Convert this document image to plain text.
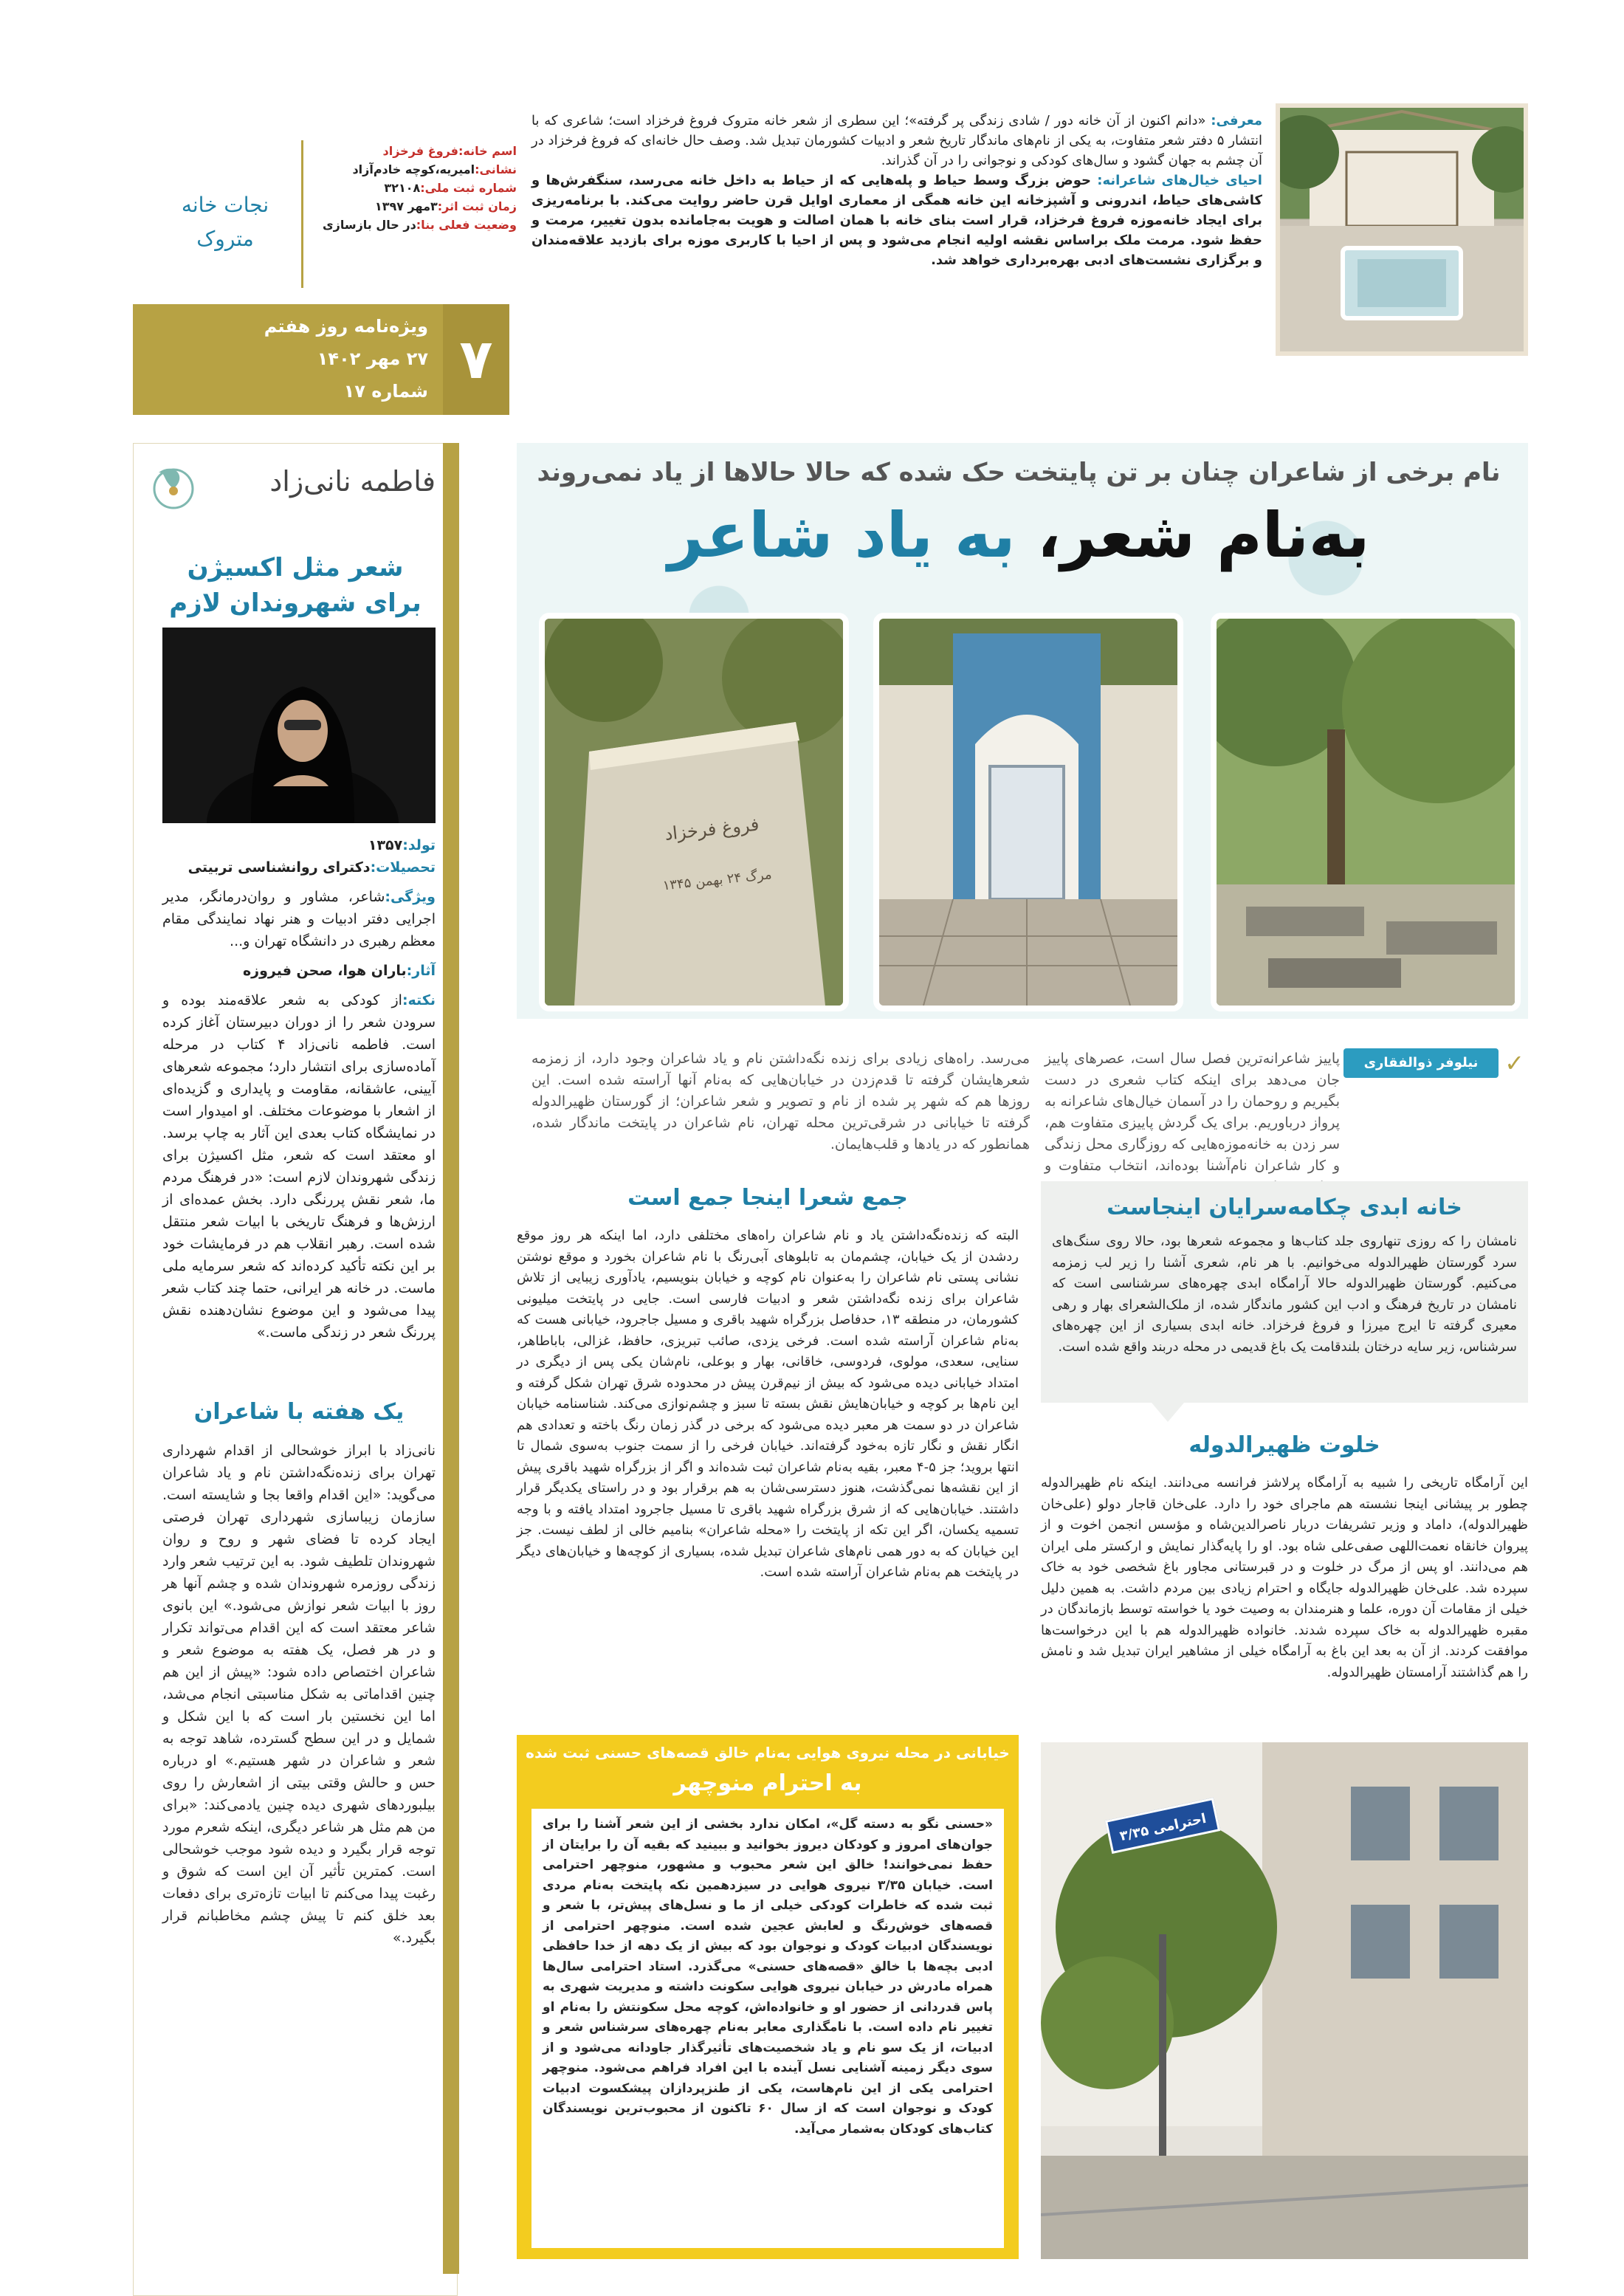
معرفی: «دانم اکنون از آن خانه دور / شادی زندگی پر گرفته»؛ این سطری از شعر خانه متروک فروغ فرخزاد است؛ شاعری که با انتشار ۵ دفتر شعر متفاوت، به یکی از نام‌های ماندگار تاریخ شعر و ادبیات کشورمان تبدیل شد. وصف حال خانه‌ای که فروغ فرخزاد در آن چشم به جهان گشود و سال‌های کودکی و نوجوانی را در آن گذراند.

احیای خیال‌های شاعرانه: حوض بزرگ وسط حیاط و پله‌هایی که از حیاط به داخل خانه می‌رسد، سنگفرش‌ها و کاشی‌های حیاط، اندرونی و آشپزخانه این خانه همگی از معماری اوایل قرن حاضر روایت می‌کند. با برنامه‌ریزی برای ایجاد خانه‌موزه فروغ فرخزاد، قرار است بنای خانه با همان اصالت و هویت به‌جامانده بدون تغییر، مرمت و حفظ شود. مرمت ملک براساس نقشه اولیه انجام می‌شود و پس از احیا با کاربری موزه برای بازدید علاقه‌مندان و برگزاری نشست‌های ادبی بهره‌برداری خواهد شد.

اسم خانه:فروغ فرخزاد
نشانی:امیریه،کوچه خادم‌آزاد
شماره ثبت ملی:۳۲۱۰۸
زمان ثبت اثر:۳مهر ۱۳۹۷
وضعیت فعلی بنا:در حال بازسازی
نجات خانه
متروک
۷
ویژه‌نامه روز هفتم
۲۷ مهر ۱۴۰۲
شماره ۱۷
فاطمه نانی‌زاد
شعر مثل اکسیژن برای شهروندان لازم
تولد:۱۳۵۷
تحصیلات:دکترای روانشناسی تربیتی

ویژگی:شاعر، مشاور و روان‌درمانگر، مدیر اجرایی دفتر ادبیات و هنر نهاد نمایندگی مقام معظم رهبری در دانشگاه تهران و...

آثار:باران هوا، صحن فیروزه

نکته:از کودکی به شعر علاقه‌مند بوده و سرودن شعر را از دوران دبیرستان آغاز کرده است. فاطمه نانی‌زاد ۴ کتاب در مرحله آماده‌سازی برای انتشار دارد؛ مجموعه شعرهای آیینی، عاشقانه، مقاومت و پایداری و گزیده‌ای از اشعار با موضوعات مختلف. او امیدوار است در نمایشگاه کتاب بعدی این آثار به چاپ برسد. او معتقد است که شعر، مثل اکسیژن برای زندگی شهروندان لازم است: «در فرهنگ مردم ما، شعر نقش پررنگی دارد. بخش عمده‌ای از ارزش‌ها و فرهنگ تاریخی با ابیات شعر منتقل شده است. رهبر انقلاب هم در فرمایشات خود بر این نکته تأکید کرده‌اند که شعر سرمایه ملی ماست. در خانه هر ایرانی، حتما چند کتاب شعر پیدا می‌شود و این موضوع نشان‌دهنده نقش پررنگ شعر در زندگی ماست.»

یک هفته با شاعران
نانی‌زاد با ابراز خوشحالی از اقدام شهرداری تهران برای زنده‌نگه‌داشتن نام و یاد شاعران می‌گوید: «این اقدام واقعا بجا و شایسته است. سازمان زیباسازی شهرداری تهران فرصتی ایجاد کرده تا فضای شهر و روح و روان شهروندان تلطیف شود. به این ترتیب شعر وارد زندگی روزمره شهروندان شده و چشم آنها هر روز با ابیات شعر نوازش می‌شود.» این بانوی شاعر معتقد است که این اقدام می‌تواند تکرار و در هر فصل، یک هفته به موضوع شعر و شاعران اختصاص داده شود: «پیش از این هم چنین اقداماتی به شکل مناسبتی انجام می‌شد، اما این نخستین بار است که با این شکل و شمایل و در این سطح گسترده، شاهد توجه به شعر و شاعران در شهر هستیم.» او درباره حس و حالش وقتی بیتی از اشعارش را روی بیلبوردهای شهری دیده چنین یادمی‌کند: «برای من هم مثل هر شاعر دیگری، اینکه شعرم مورد توجه قرار بگیرد و دیده شود موجب خوشحالی است. کمترین تأثیر آن این است که شوق و رغبت پیدا می‌کنم تا ابیات تازه‌تری برای دفعات بعد خلق کنم تا پیش چشم مخاطبانم قرار بگیرد.»
نام برخی از شاعران چنان بر تن پایتخت حک شده که حالا حالاها از یاد نمی‌روند
به‌نام شعر، به یاد شاعر
فروغ فرخزاد
مرگ ۲۴ بهمن ۱۳۴۵
نیلوفر ذوالفقاری	✓
پاییز شاعرانه‌ترین فصل سال است، عصرهای پاییز جان می‌دهد برای اینکه کتاب شعری در دست بگیریم و روحمان را در آسمان خیال‌های شاعرانه به پرواز درباوریم. برای یک گردش پاییزی متفاوت هم، سر زدن به خانه‌موزه‌هایی که روزگاری محل زندگی و کار شاعران نام‌آشنا بوده‌اند، انتخاب متفاوت و
می‌رسد. راه‌های زیادی برای زنده نگه‌داشتن نام و یاد شاعران وجود دارد، از زمزمه شعرهایشان گرفته تا قدم‌زدن در خیابان‌هایی که به‌نام آنها آراسته شده است. این روزها هم که شهر پر شده از نام و تصویر و شعر شاعران؛ از گورستان ظهیرالدوله گرفته تا خیابانی در شرقی‌ترین محله تهران، نام شاعران در پایتخت ماندگار شده، همانطور که در یادها و قلب‌هایمان.
خانه ابدی چکامه‌سرایان اینجاست
نامشان را که روزی تنهاروی جلد کتاب‌ها و مجموعه شعرها بود، حالا روی سنگ‌های سرد گورستان ظهیرالدوله می‌خوانیم. با هر نام، شعری آشنا را زیر لب زمزمه می‌کنیم. گورستان ظهیرالدوله حالا آرامگاه ابدی چهره‌های سرشناسی است که نامشان در تاریخ فرهنگ و ادب این کشور ماندگار شده، از ملک‌الشعرای بهار و رهی معیری گرفته تا ایرج میرزا و فروغ فرخزاد. خانه ابدی بسیاری از این چهره‌های سرشناس، زیر سایه درختان بلندقامت یک باغ قدیمی در محله دربند واقع شده است.
خلوت ظهیرالدوله
این آرامگاه تاریخی را شبیه به آرامگاه پرلاشز فرانسه می‌دانند. اینکه نام ظهیرالدوله چطور بر پیشانی اینجا نشسته هم ماجرای خود را دارد. علی‌خان قاجار دولو (علی‌خان ظهیرالدوله)، داماد و وزیر تشریفات دربار ناصرالدین‌شاه و مؤسس انجمن اخوت و از پیروان خانقاه نعمت‌اللهی صفی‌علی شاه بود. او را پایه‌گذار نمایش و ارکستر ملی ایران هم می‌دانند. او پس از مرگ در خلوت و در قبرستانی مجاور باغ شخصی خود به خاک سپرده شد. علی‌خان ظهیرالدوله جایگاه و احترام زیادی بین مردم داشت. به همین دلیل خیلی از مقامات آن دوره، علما و هنرمندان به وصیت خود یا خواسته توسط بازماندگان در مقبره ظهیرالدوله به خاک سپرده شدند. خانواده ظهیرالدوله هم با این درخواست‌ها موافقت کردند. از آن به بعد این باغ به آرامگاه خیلی از مشاهیر ایران تبدیل شد و نامش را هم گذاشتند آرامستان ظهیرالدوله.
احترامی ۳/۳۵
جمع شعرا اینجا جمع است
البته که زنده‌نگه‌داشتن یاد و نام شاعران راه‌های مختلفی دارد، اما اینکه هر روز موقع ردشدن از یک خیابان، چشم‌مان به تابلوهای آبی‌رنگ با نام شاعران بخورد و موقع نوشتن نشانی پستی نام شاعران را به‌عنوان نام کوچه و خیابان بنویسیم، یادآوری زیبایی از تلاش شاعران برای زنده نگه‌داشتن شعر و ادبیات فارسی است. جایی در پایتخت میلیونی کشورمان، در منطقه ۱۳، حدفاصل بزرگراه شهید باقری و مسیل جاجرود، خیابانی هست که به‌نام شاعران آراسته شده است. فرخی یزدی، صائب تبریزی، حافظ، غزالی، باباطاهر، سنایی، سعدی، مولوی، فردوسی، خاقانی، بهار و بوعلی، نام‌شان یکی پس از دیگری در امتداد خیابانی دیده می‌شود که بیش از نیم‌قرن پیش در محدوده شرق تهران شکل گرفته و این نام‌ها بر کوچه و خیابان‌هایش نقش بسته تا سبز و چشم‌نوازی می‌کند. شناسنامه خیابان شاعران در دو سمت هر معبر دیده می‌شود که برخی در گذر زمان رنگ باخته و تعدادی هم انگار نقش و نگار تازه به‌خود گرفته‌اند. خیابان فرخی را از سمت جنوب به‌سوی شمال تا انتها بروید؛ جز ۵-۴ معبر، بقیه به‌نام شاعران ثبت شده‌اند و اگر از بزرگراه شهید باقری پیش از این نقشه‌ها نمی‌گذشت، هنوز دسترسی‌شان به هم برقرار بود و در راستای یکدیگر قرار داشتند. خیابان‌هایی که از شرق بزرگراه شهید باقری تا مسیل جاجرود امتداد یافته و با وجه تسمیه یکسان، اگر این تکه از پایتخت را «محله شاعران» بنامیم خالی از لطف نیست. جز این خیابان که به دور همی نام‌های شاعران تبدیل شده، بسیاری از کوچه‌ها و خیابان‌های دیگر در پایتخت هم به‌نام شاعران آراسته شده است.
خیابانی در محله نیروی هوایی به‌نام خالق قصه‌های حسنی ثبت شده
به احترام منوچهر
«حسنی نگو به دسته گل»، امکان ندارد بخشی از این شعر آشنا را برای جوان‌های امروز و کودکان دیروز بخوانید و ببینید که بقیه آن را برایتان از حفظ نمی‌خوانند! خالق این شعر محبوب و مشهور، منوچهر احترامی است. خیابان ۳/۳۵ نیروی هوایی در سیزدهمین نکه پایتخت به‌نام مردی ثبت شده که خاطرات کودکی خیلی از ما و نسل‌های پیش‌تر، با شعر و قصه‌های خوش‌رنگ و لعابش عجین شده است. منوچهر احترامی از نویسندگان ادبیات کودک و نوجوان بود که بیش از یک دهه از خدا حافظی ادبی بچه‌ها با خالق «قصه‌های حسنی» می‌گذرد. استاد احترامی سال‌ها همراه مادرش در خیابان نیروی هوایی سکونت داشته و مدیریت شهری به پاس قدردانی از حضور او و خانواده‌اش، کوچه محل سکونتش را به‌نام او تغییر نام داده است. با نامگذاری معابر به‌نام چهره‌های سرشناس شعر و ادبیات، از یک سو نام و یاد شخصیت‌های تأثیرگذار جاودانه می‌شود و از سوی دیگر زمینه آشنایی نسل آینده با این افراد فراهم می‌شود. منوچهر احترامی یکی از این نام‌هاست، یکی از طنزپردازان پیشکسوت ادبیات کودک و نوجوان است که از سال ۶۰ تاکنون از محبوب‌ترین نویسندگان کتاب‌های کودکان به‌شمار می‌آید.
